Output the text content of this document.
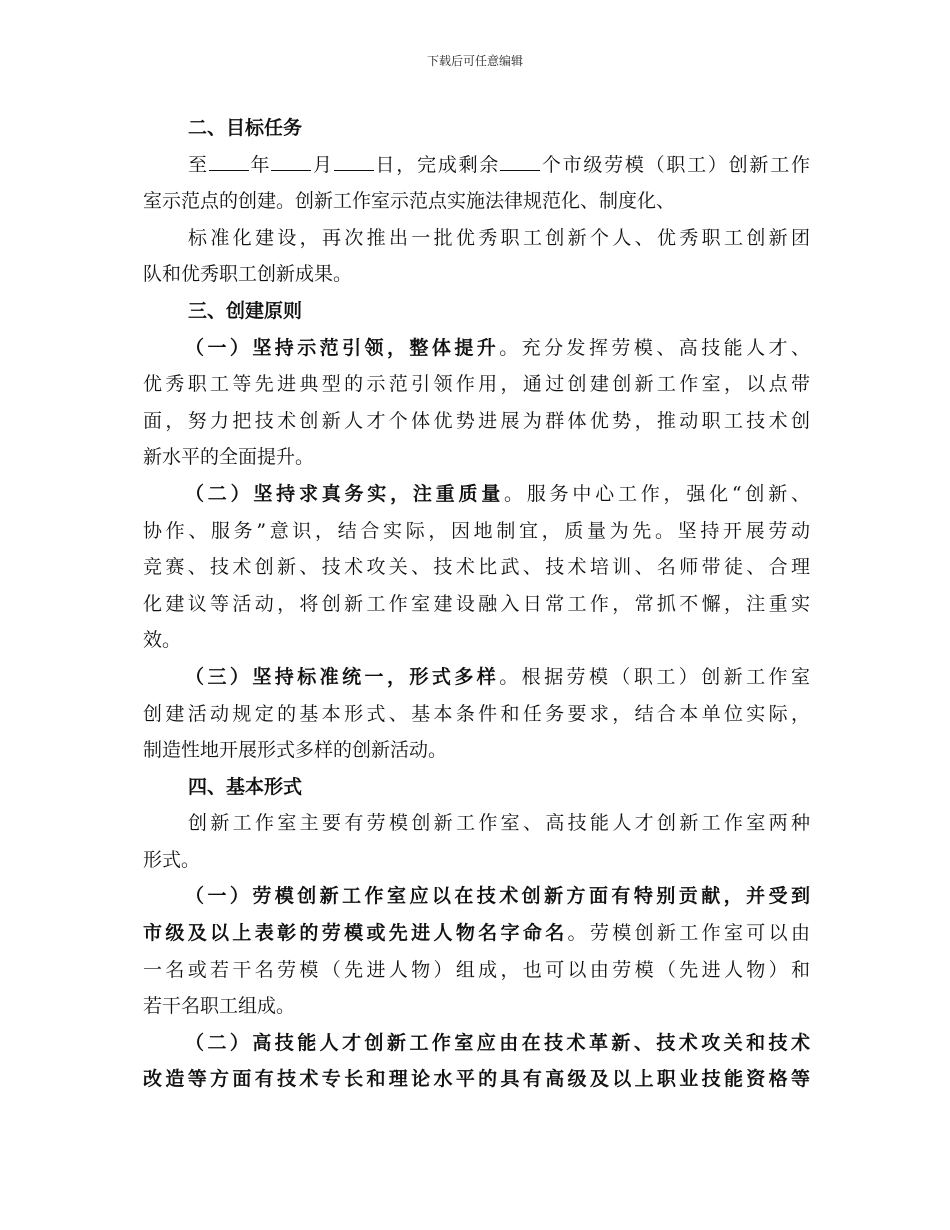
下载后可任意编辑
二、目标任务
至 年 月 日，完成剩余 个市级劳模（职工）创新工作
室示范点的创建。创新工作室示范点实施法律规范化、制度化、
标准化建设，再次推出一批优秀职工创新个人、优秀职工创新团
队和优秀职工创新成果。
三、创建原则
（一）坚持示范引领，整体提升。充分发挥劳模、高技能人才、
优秀职工等先进典型的示范引领作用，通过创建创新工作室，以点带
面，努力把技术创新人才个体优势进展为群体优势，推动职工技术创
新水平的全面提升。
（二）坚持求真务实，注重质量。服务中心工作，强化“创新、
协作、服务”意识，结合实际，因地制宜，质量为先。坚持开展劳动
竞赛、技术创新、技术攻关、技术比武、技术培训、名师带徒、合理
化建议等活动，将创新工作室建设融入日常工作，常抓不懈，注重实
效。
（三）坚持标准统一，形式多样。根据劳模（职工）创新工作室
创建活动规定的基本形式、基本条件和任务要求，结合本单位实际，
制造性地开展形式多样的创新活动。
四、基本形式
创新工作室主要有劳模创新工作室、高技能人才创新工作室两种
形式。
（一）劳模创新工作室应以在技术创新方面有特别贡献，并受到
市级及以上表彰的劳模或先进人物名字命名。劳模创新工作室可以由
一名或若干名劳模（先进人物）组成，也可以由劳模（先进人物）和
若干名职工组成。
（二）高技能人才创新工作室应由在技术革新、技术攻关和技术
改造等方面有技术专长和理论水平的具有高级及以上职业技能资格等
